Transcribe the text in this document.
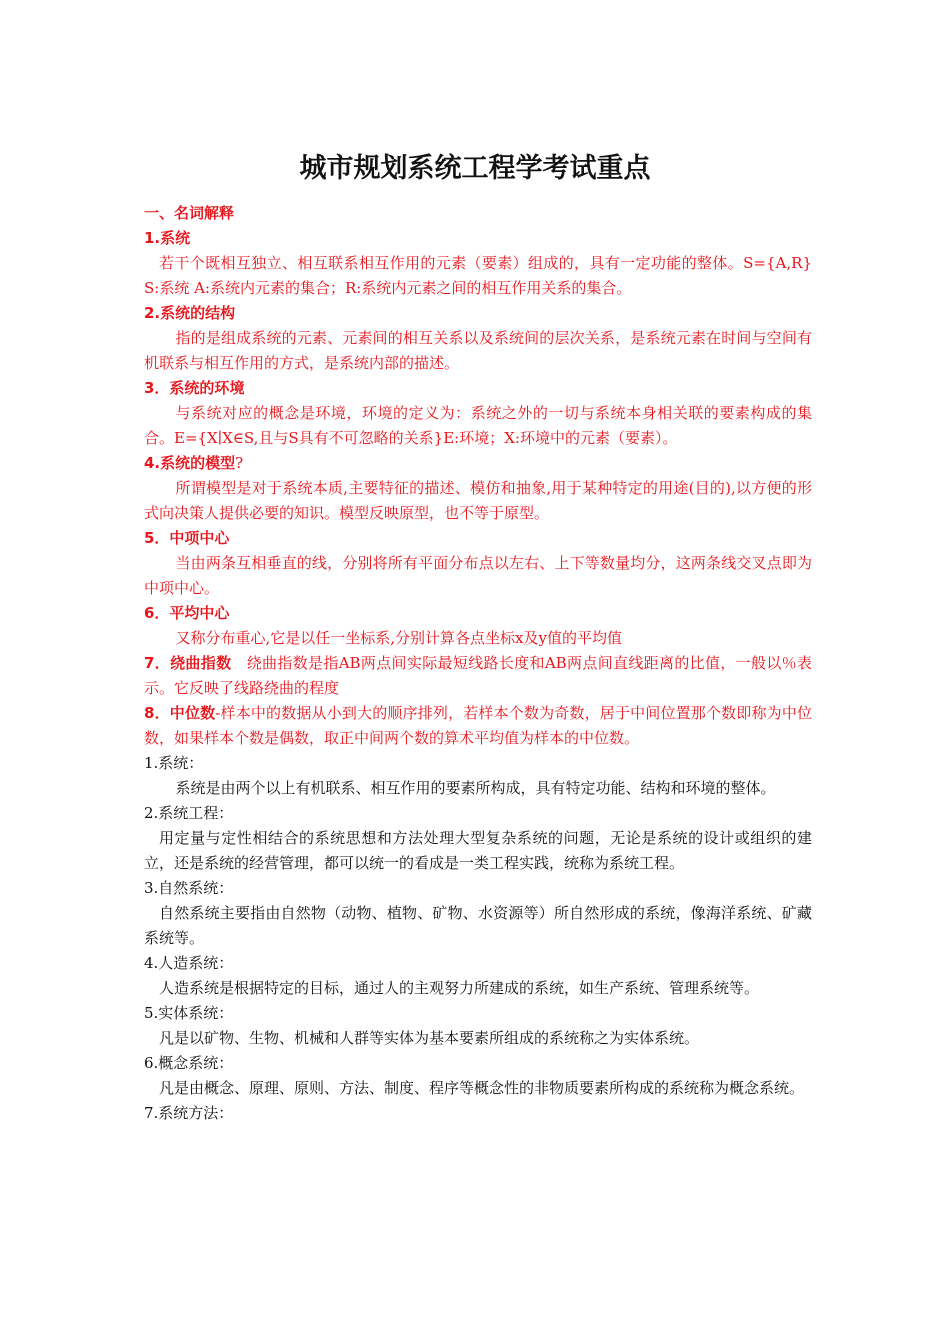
城市规划系统工程学考试重点

一、名词解释

1.系统

若干个既相互独立、相互联系相互作用的元素（要素）组成的，具有一定功能的整体。S={A,R} S:系统 A:系统内元素的集合；R:系统内元素之间的相互作用关系的集合。

2.系统的结构

指的是组成系统的元素、元素间的相互关系以及系统间的层次关系，是系统元素在时间与空间有机联系与相互作用的方式，是系统内部的描述。

3．系统的环境

与系统对应的概念是环境，环境的定义为：系统之外的一切与系统本身相关联的要素构成的集合。E={X∣X∈S,且与S具有不可忽略的关系}E:环境；X:环境中的元素（要素）。

4.系统的模型?

所谓模型是对于系统本质,主要特征的描述、模仿和抽象,用于某种特定的用途(目的),以方便的形式向决策人提供必要的知识。模型反映原型，也不等于原型。

5．中项中心

当由两条互相垂直的线，分别将所有平面分布点以左右、上下等数量均分，这两条线交叉点即为中项中心。

6．平均中心

又称分布重心,它是以任一坐标系,分别计算各点坐标x及y值的平均值

7．绕曲指数 绕曲指数是指AB两点间实际最短线路长度和AB两点间直线距离的比值，一般以％表示。它反映了线路绕曲的程度

8．中位数-样本中的数据从小到大的顺序排列，若样本个数为奇数，居于中间位置那个数即称为中位数，如果样本个数是偶数，取正中间两个数的算术平均值为样本的中位数。

1.系统：

系统是由两个以上有机联系、相互作用的要素所构成，具有特定功能、结构和环境的整体。

2.系统工程：

用定量与定性相结合的系统思想和方法处理大型复杂系统的问题，无论是系统的设计或组织的建立，还是系统的经营管理，都可以统一的看成是一类工程实践，统称为系统工程。

3.自然系统：

自然系统主要指由自然物（动物、植物、矿物、水资源等）所自然形成的系统，像海洋系统、矿藏系统等。

4.人造系统：

人造系统是根据特定的目标，通过人的主观努力所建成的系统，如生产系统、管理系统等。

5.实体系统：

凡是以矿物、生物、机械和人群等实体为基本要素所组成的系统称之为实体系统。

6.概念系统：

凡是由概念、原理、原则、方法、制度、程序等概念性的非物质要素所构成的系统称为概念系统。

7.系统方法：
